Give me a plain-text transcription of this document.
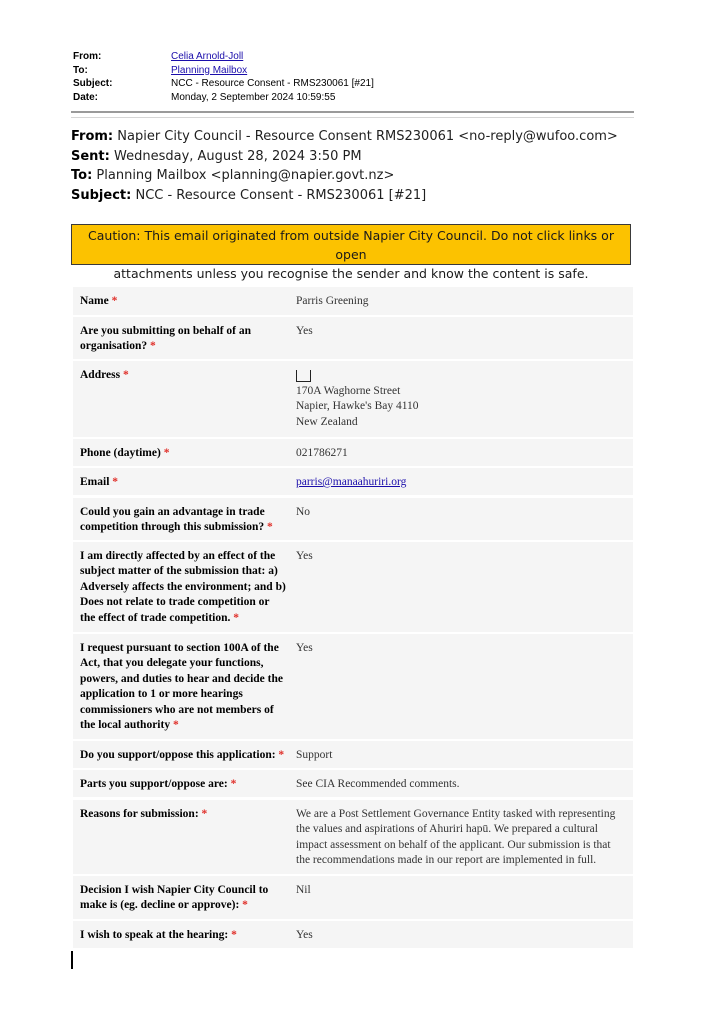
From:	Celia Arnold-Joll
To:	Planning Mailbox
Subject:	NCC - Resource Consent - RMS230061 [#21]
Date:	Monday, 2 September 2024 10:59:55
From: Napier City Council - Resource Consent RMS230061 <no-reply@wufoo.com>
Sent: Wednesday, August 28, 2024 3:50 PM
To: Planning Mailbox <planning@napier.govt.nz>
Subject: NCC - Resource Consent - RMS230061 [#21]
Caution: This email originated from outside Napier City Council. Do not click links or open
attachments unless you recognise the sender and know the content is safe.
Name *	Parris Greening
Are you submitting on behalf of an organisation? *
Yes
Address *
170A Waghorne Street
Napier, Hawke's Bay 4110
New Zealand
Phone (daytime) *	021786271
Email *	parris@manaahuriri.org
Could you gain an advantage in trade competition through this submission? *
No
I am directly affected by an effect of the subject matter of the submission that: a) Adversely affects the environment; and b) Does not relate to trade competition or the effect of trade competition. *
Yes
I request pursuant to section 100A of the Act, that you delegate your functions, powers, and duties to hear and decide the application to 1 or more hearings commissioners who are not members of the local authority *
Yes
Do you support/oppose this application: *	Support
Parts you support/oppose are: *	See CIA Recommended comments.
Reasons for submission: *	We are a Post Settlement Governance Entity tasked with representing the values and aspirations of Ahuriri hapū. We prepared a cultural impact assessment on behalf of the applicant. Our submission is that the recommendations made in our report are implemented in full.
Decision I wish Napier City Council to make is (eg. decline or approve): *
Nil
I wish to speak at the hearing: *	Yes
